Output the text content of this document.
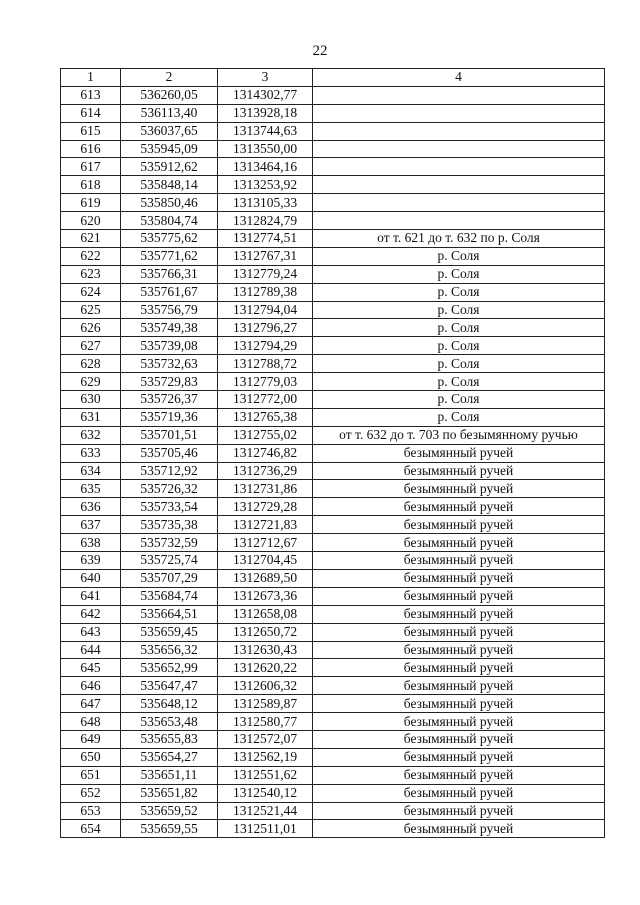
22
1	2	3	4
613	536260,05	1314302,77	
614	536113,40	1313928,18	
615	536037,65	1313744,63	
616	535945,09	1313550,00	
617	535912,62	1313464,16	
618	535848,14	1313253,92	
619	535850,46	1313105,33	
620	535804,74	1312824,79	
621	535775,62	1312774,51	от т. 621 до т. 632 по р. Соля
622	535771,62	1312767,31	р. Соля
623	535766,31	1312779,24	р. Соля
624	535761,67	1312789,38	р. Соля
625	535756,79	1312794,04	р. Соля
626	535749,38	1312796,27	р. Соля
627	535739,08	1312794,29	р. Соля
628	535732,63	1312788,72	р. Соля
629	535729,83	1312779,03	р. Соля
630	535726,37	1312772,00	р. Соля
631	535719,36	1312765,38	р. Соля
632	535701,51	1312755,02	от т. 632 до т. 703 по безымянному ручью
633	535705,46	1312746,82	безымянный ручей
634	535712,92	1312736,29	безымянный ручей
635	535726,32	1312731,86	безымянный ручей
636	535733,54	1312729,28	безымянный ручей
637	535735,38	1312721,83	безымянный ручей
638	535732,59	1312712,67	безымянный ручей
639	535725,74	1312704,45	безымянный ручей
640	535707,29	1312689,50	безымянный ручей
641	535684,74	1312673,36	безымянный ручей
642	535664,51	1312658,08	безымянный ручей
643	535659,45	1312650,72	безымянный ручей
644	535656,32	1312630,43	безымянный ручей
645	535652,99	1312620,22	безымянный ручей
646	535647,47	1312606,32	безымянный ручей
647	535648,12	1312589,87	безымянный ручей
648	535653,48	1312580,77	безымянный ручей
649	535655,83	1312572,07	безымянный ручей
650	535654,27	1312562,19	безымянный ручей
651	535651,11	1312551,62	безымянный ручей
652	535651,82	1312540,12	безымянный ручей
653	535659,52	1312521,44	безымянный ручей
654	535659,55	1312511,01	безымянный ручей
